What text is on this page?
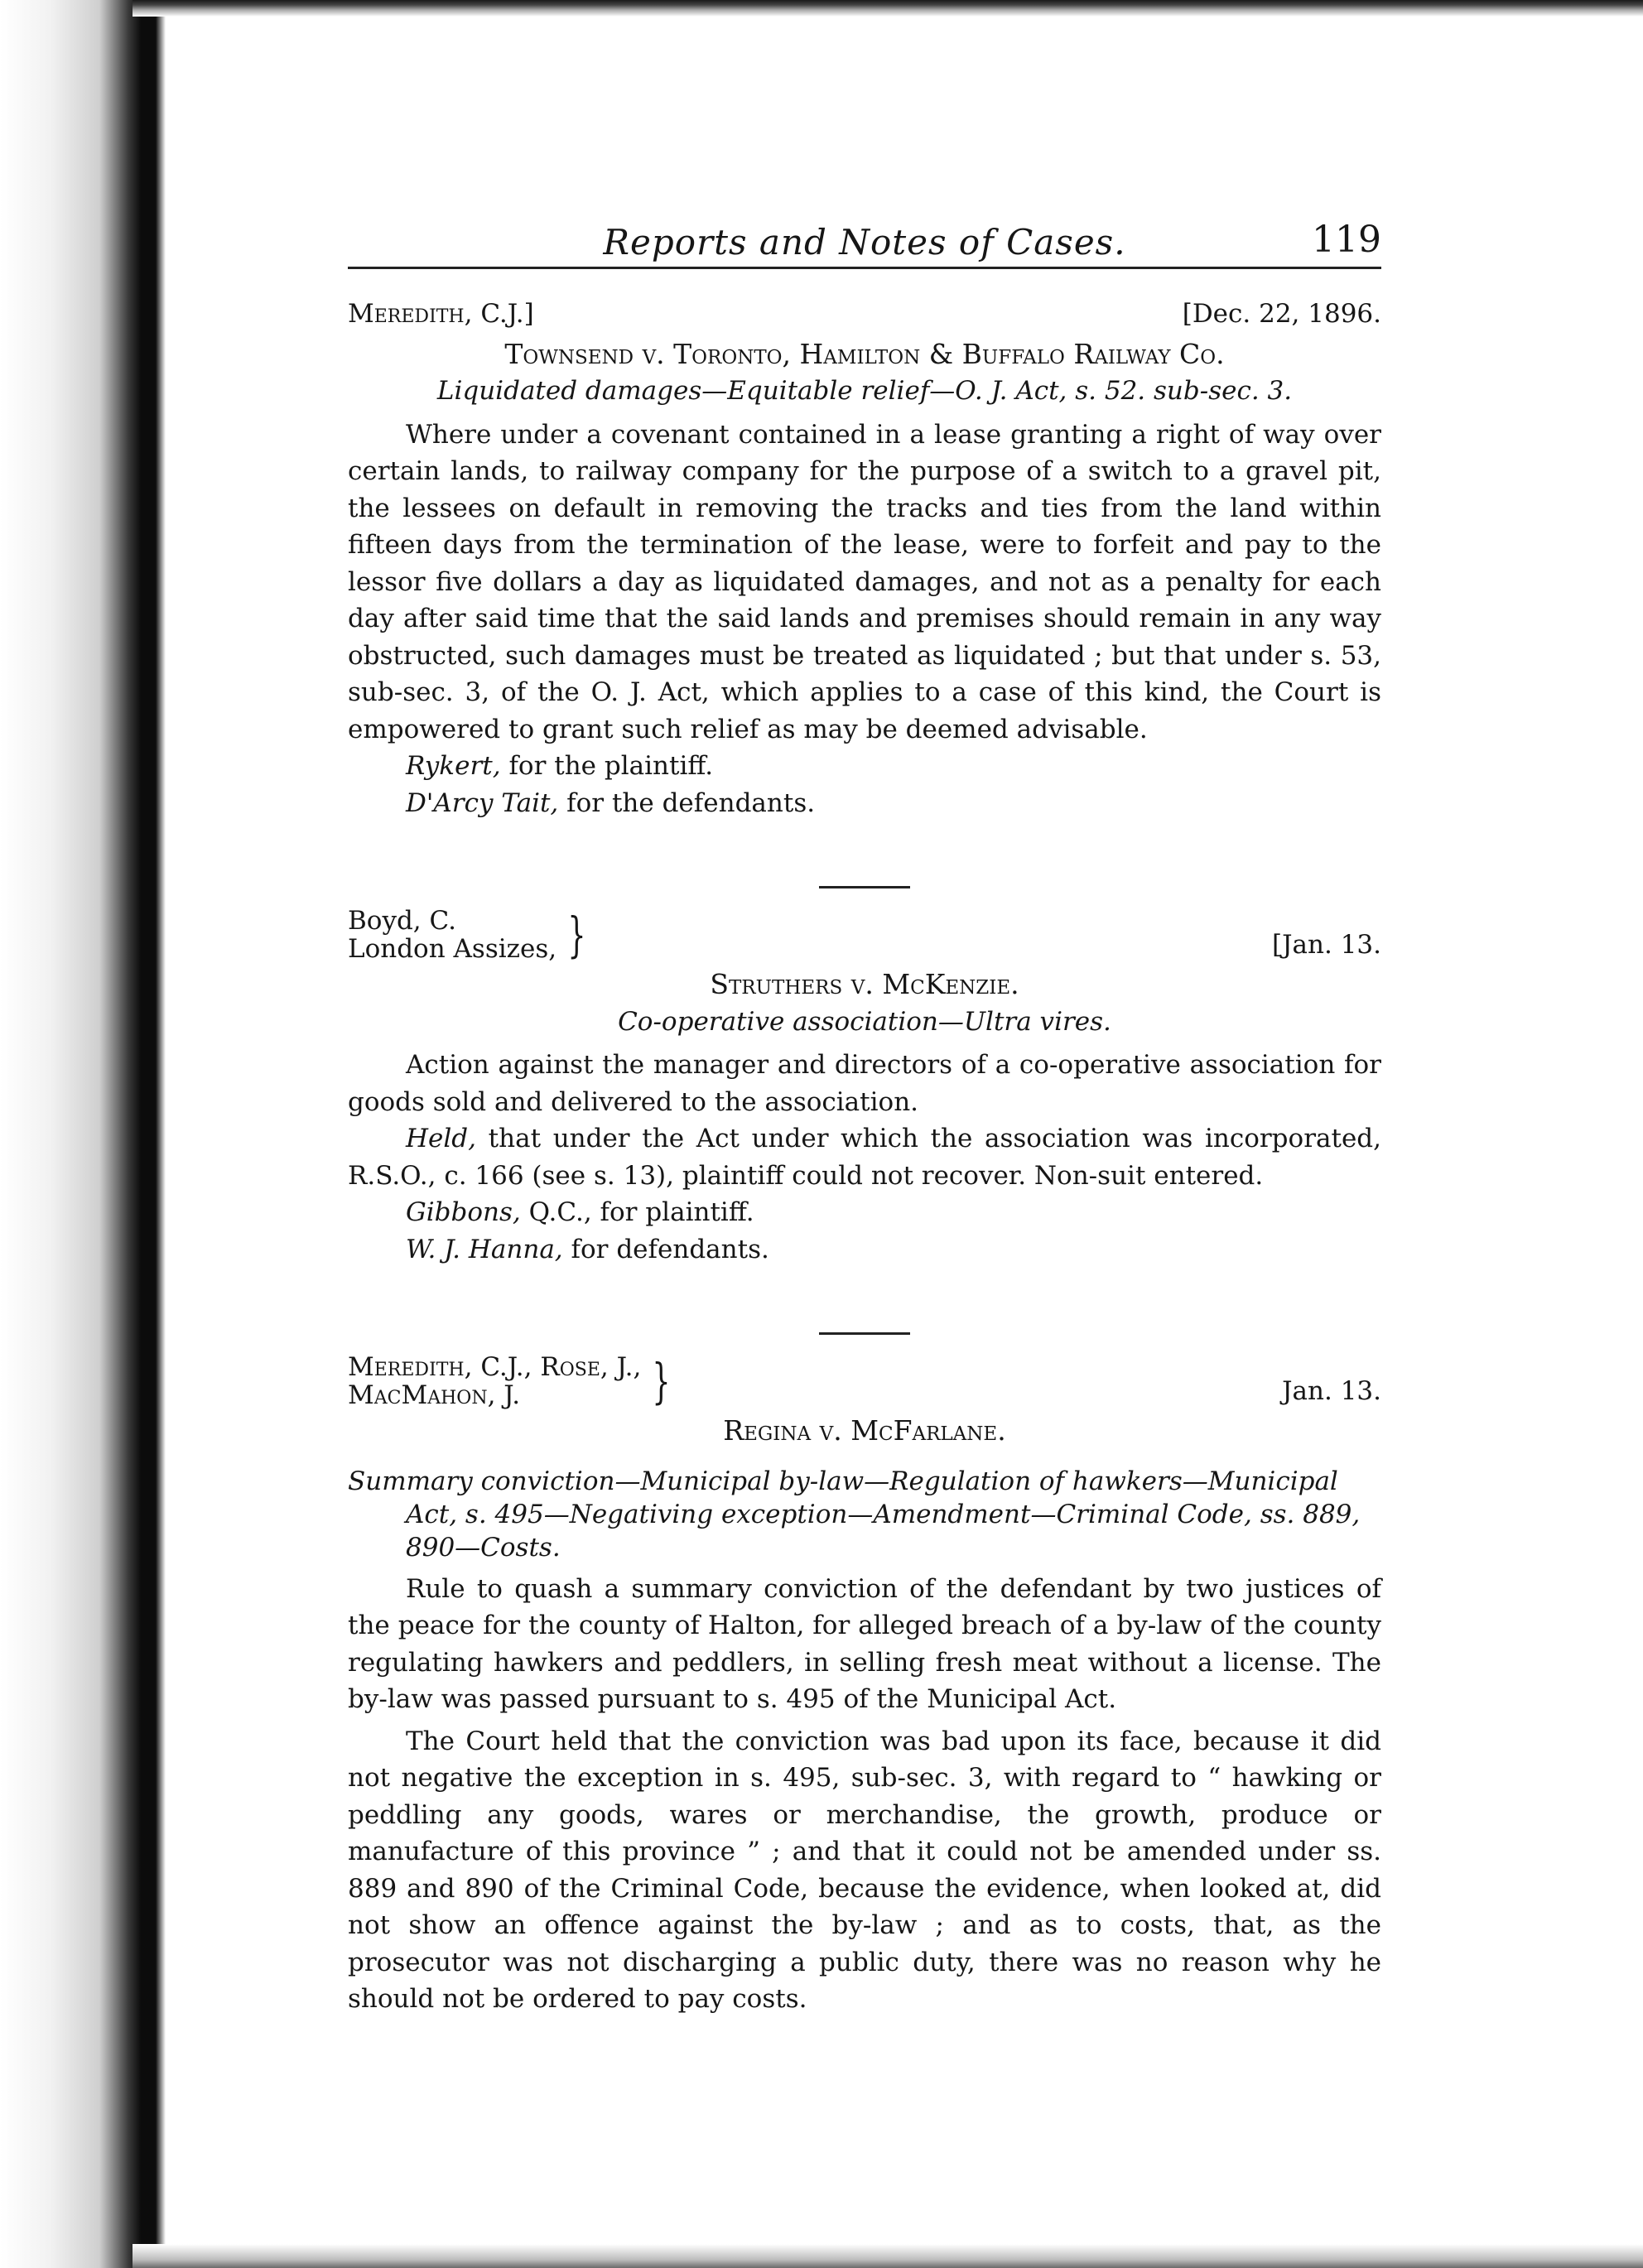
Reports and Notes of Cases.	119
Meredith, C.J.]	[Dec. 22, 1896.
Townsend v. Toronto, Hamilton & Buffalo Railway Co.
Liquidated damages—Equitable relief—O. J. Act, s. 52. sub-sec. 3.

Where under a covenant contained in a lease granting a right of way over certain lands, to railway company for the purpose of a switch to a gravel pit, the lessees on default in removing the tracks and ties from the land within fifteen days from the termination of the lease, were to forfeit and pay to the lessor five dollars a day as liquidated damages, and not as a penalty for each day after said time that the said lands and premises should remain in any way obstructed, such damages must be treated as liquidated ; but that under s. 53, sub-sec. 3, of the O. J. Act, which applies to a case of this kind, the Court is empowered to grant such relief as may be deemed advisable.

Rykert, for the plaintiff.
D'Arcy Tait, for the defendants.
Boyd, C.
London Assizes, }	[Jan. 13.
Struthers v. McKenzie.
Co-operative association—Ultra vires.

Action against the manager and directors of a co-operative association for goods sold and delivered to the association.

Held, that under the Act under which the association was incorporated, R.S.O., c. 166 (see s. 13), plaintiff could not recover. Non-suit entered.

Gibbons, Q.C., for plaintiff.
W. J. Hanna, for defendants.
Meredith, C.J., Rose, J.,
MacMahon, J.	}	Jan. 13.
Regina v. McFarlane.
Summary conviction—Municipal by-law—Regulation of hawkers—Municipal Act, s. 495—Negativing exception—Amendment—Criminal Code, ss. 889, 890—Costs.

Rule to quash a summary conviction of the defendant by two justices of the peace for the county of Halton, for alleged breach of a by-law of the county regulating hawkers and peddlers, in selling fresh meat without a license. The by-law was passed pursuant to s. 495 of the Municipal Act.

The Court held that the conviction was bad upon its face, because it did not negative the exception in s. 495, sub-sec. 3, with regard to “ hawking or peddling any goods, wares or merchandise, the growth, produce or manufacture of this province ” ; and that it could not be amended under ss. 889 and 890 of the Criminal Code, because the evidence, when looked at, did not show an offence against the by-law ; and as to costs, that, as the prosecutor was not discharging a public duty, there was no reason why he should not be ordered to pay costs.
